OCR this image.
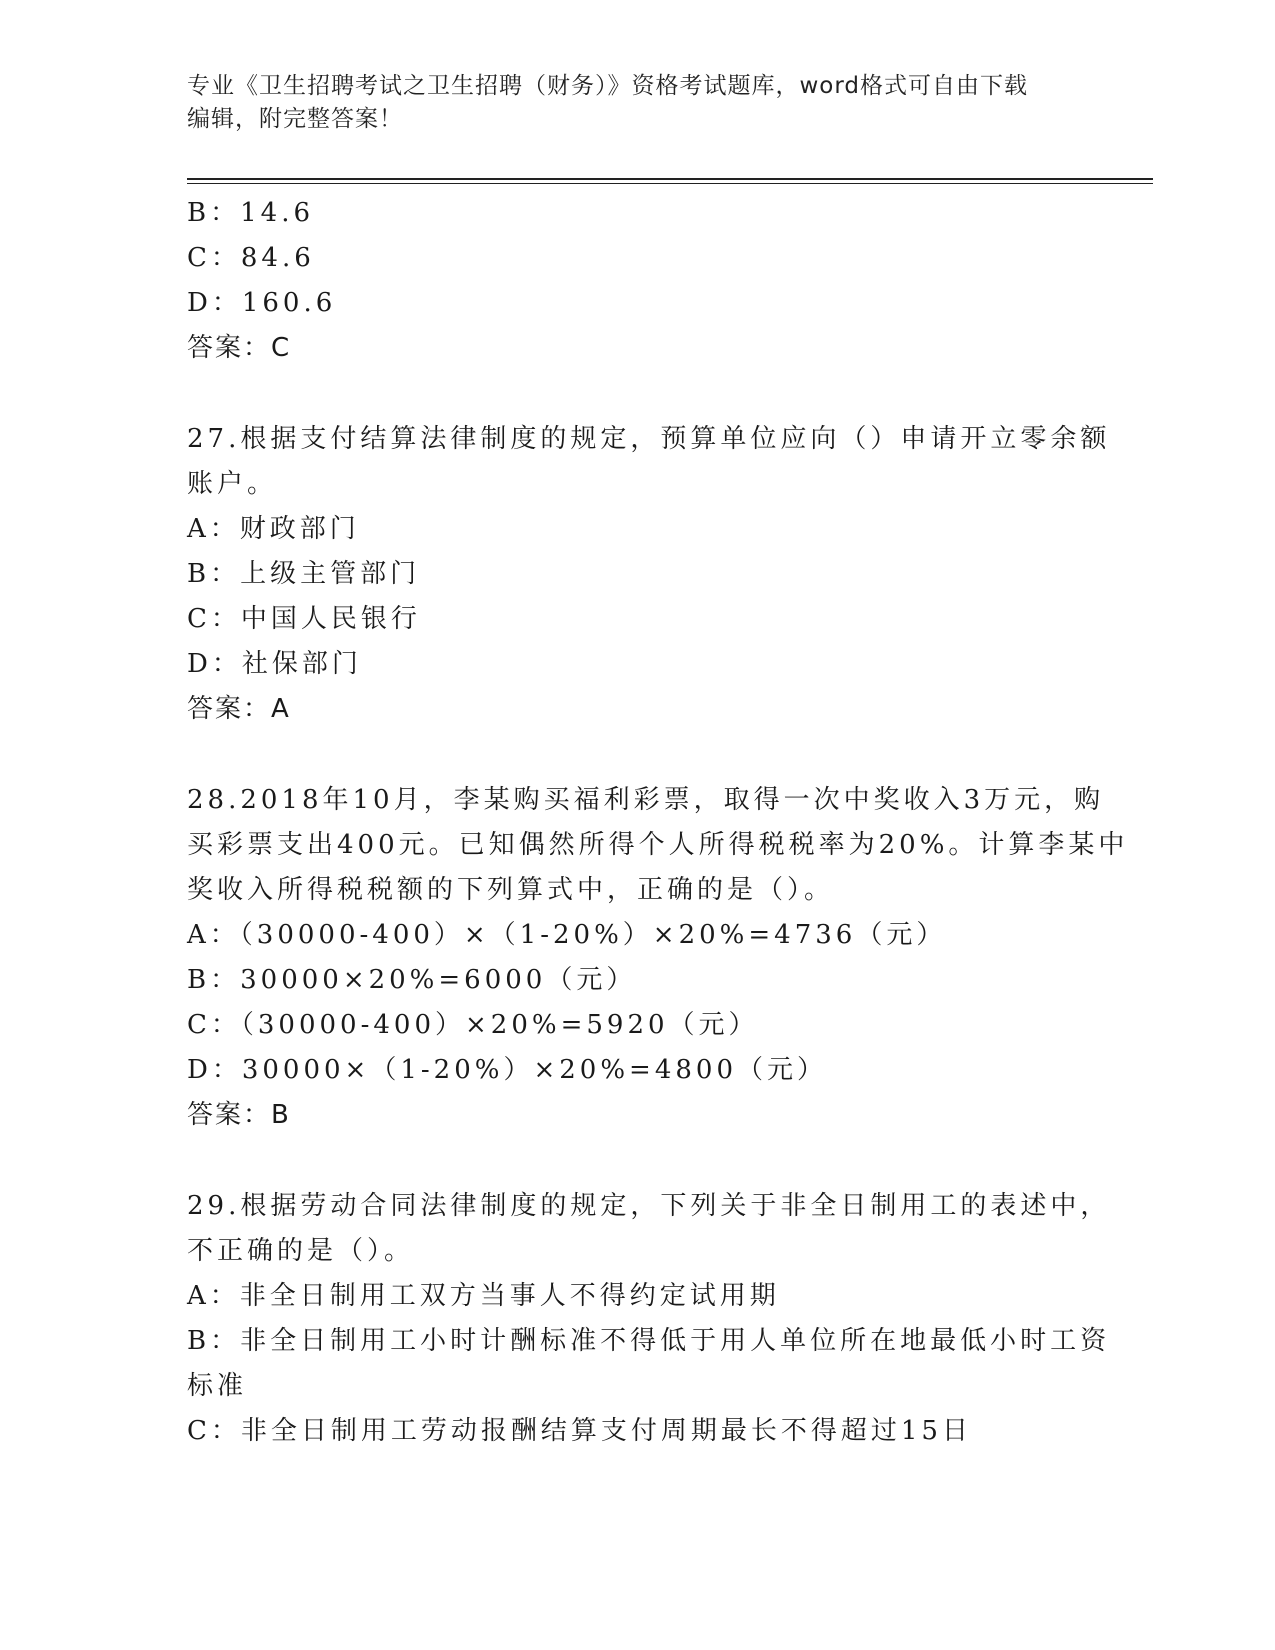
专业《卫生招聘考试之卫生招聘（财务）》资格考试题库，word格式可自由下载
编辑，附完整答案！

B：14.6

C：84.6

D：160.6

答案：C

27.根据支付结算法律制度的规定，预算单位应向（）申请开立零余额

账户。

A：财政部门

B：上级主管部门

C：中国人民银行

D：社保部门

答案：A

28.2018年10月，李某购买福利彩票，取得一次中奖收入3万元，购

买彩票支出400元。已知偶然所得个人所得税税率为20%。计算李某中

奖收入所得税税额的下列算式中，正确的是（）。

A：（30000-400）×（1-20%）×20%=4736（元）

B：30000×20%=6000（元）

C：（30000-400）×20%=5920（元）

D：30000×（1-20%）×20%=4800（元）

答案：B

29.根据劳动合同法律制度的规定，下列关于非全日制用工的表述中，

不正确的是（）。

A：非全日制用工双方当事人不得约定试用期

B：非全日制用工小时计酬标准不得低于用人单位所在地最低小时工资

标准

C：非全日制用工劳动报酬结算支付周期最长不得超过15日
